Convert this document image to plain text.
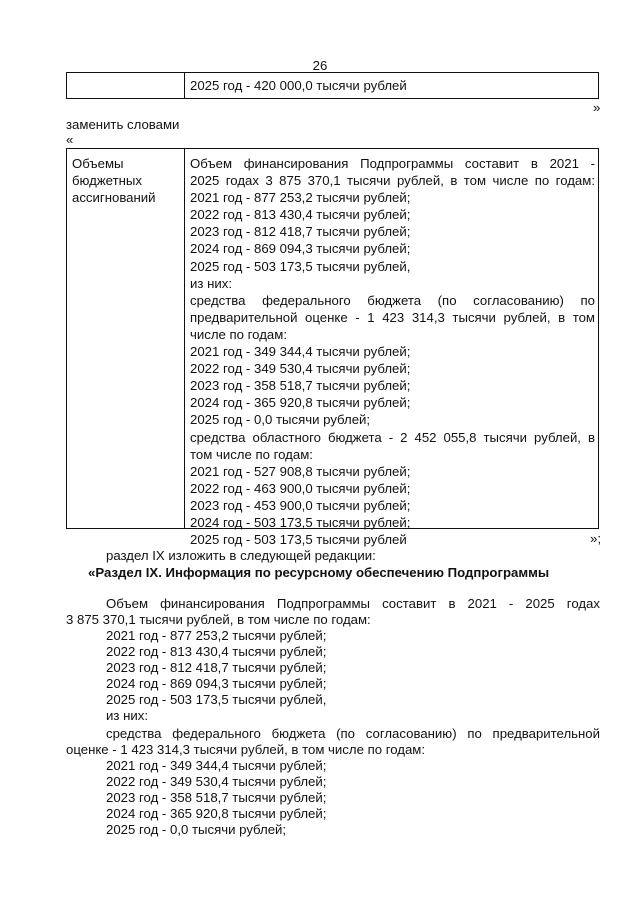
26
2025 год - 420 000,0 тысячи рублей
»
заменить словами
«
Объемы
бюджетных
ассигнований
Объем финансирования Подпрограммы составит в 2021 -
2025 годах 3 875 370,1 тысячи рублей, в том числе по годам:
2021 год - 877 253,2 тысячи рублей;
2022 год - 813 430,4 тысячи рублей;
2023 год - 812 418,7 тысячи рублей;
2024 год - 869 094,3 тысячи рублей;
2025 год - 503 173,5 тысячи рублей,
из них:
средства федерального бюджета (по согласованию) по
предварительной оценке - 1 423 314,3 тысячи рублей, в том
числе по годам:
2021 год - 349 344,4 тысячи рублей;
2022 год - 349 530,4 тысячи рублей;
2023 год - 358 518,7 тысячи рублей;
2024 год - 365 920,8 тысячи рублей;
2025 год - 0,0 тысячи рублей;
средства областного бюджета - 2 452 055,8 тысячи рублей, в
том числе по годам:
2021 год - 527 908,8 тысячи рублей;
2022 год - 463 900,0 тысячи рублей;
2023 год - 453 900,0 тысячи рублей;
2024 год - 503 173,5 тысячи рублей;
2025 год - 503 173,5 тысячи рублей	»;
раздел IX изложить в следующей редакции:
«Раздел IX. Информация по ресурсному обеспечению Подпрограммы
Объем финансирования Подпрограммы составит в 2021 - 2025 годах
3 875 370,1 тысячи рублей, в том числе по годам:
2021 год - 877 253,2 тысячи рублей;
2022 год - 813 430,4 тысячи рублей;
2023 год - 812 418,7 тысячи рублей;
2024 год - 869 094,3 тысячи рублей;
2025 год - 503 173,5 тысячи рублей,
из них:
средства федерального бюджета (по согласованию) по предварительной
оценке - 1 423 314,3 тысячи рублей, в том числе по годам:
2021 год - 349 344,4 тысячи рублей;
2022 год - 349 530,4 тысячи рублей;
2023 год - 358 518,7 тысячи рублей;
2024 год - 365 920,8 тысячи рублей;
2025 год - 0,0 тысячи рублей;
